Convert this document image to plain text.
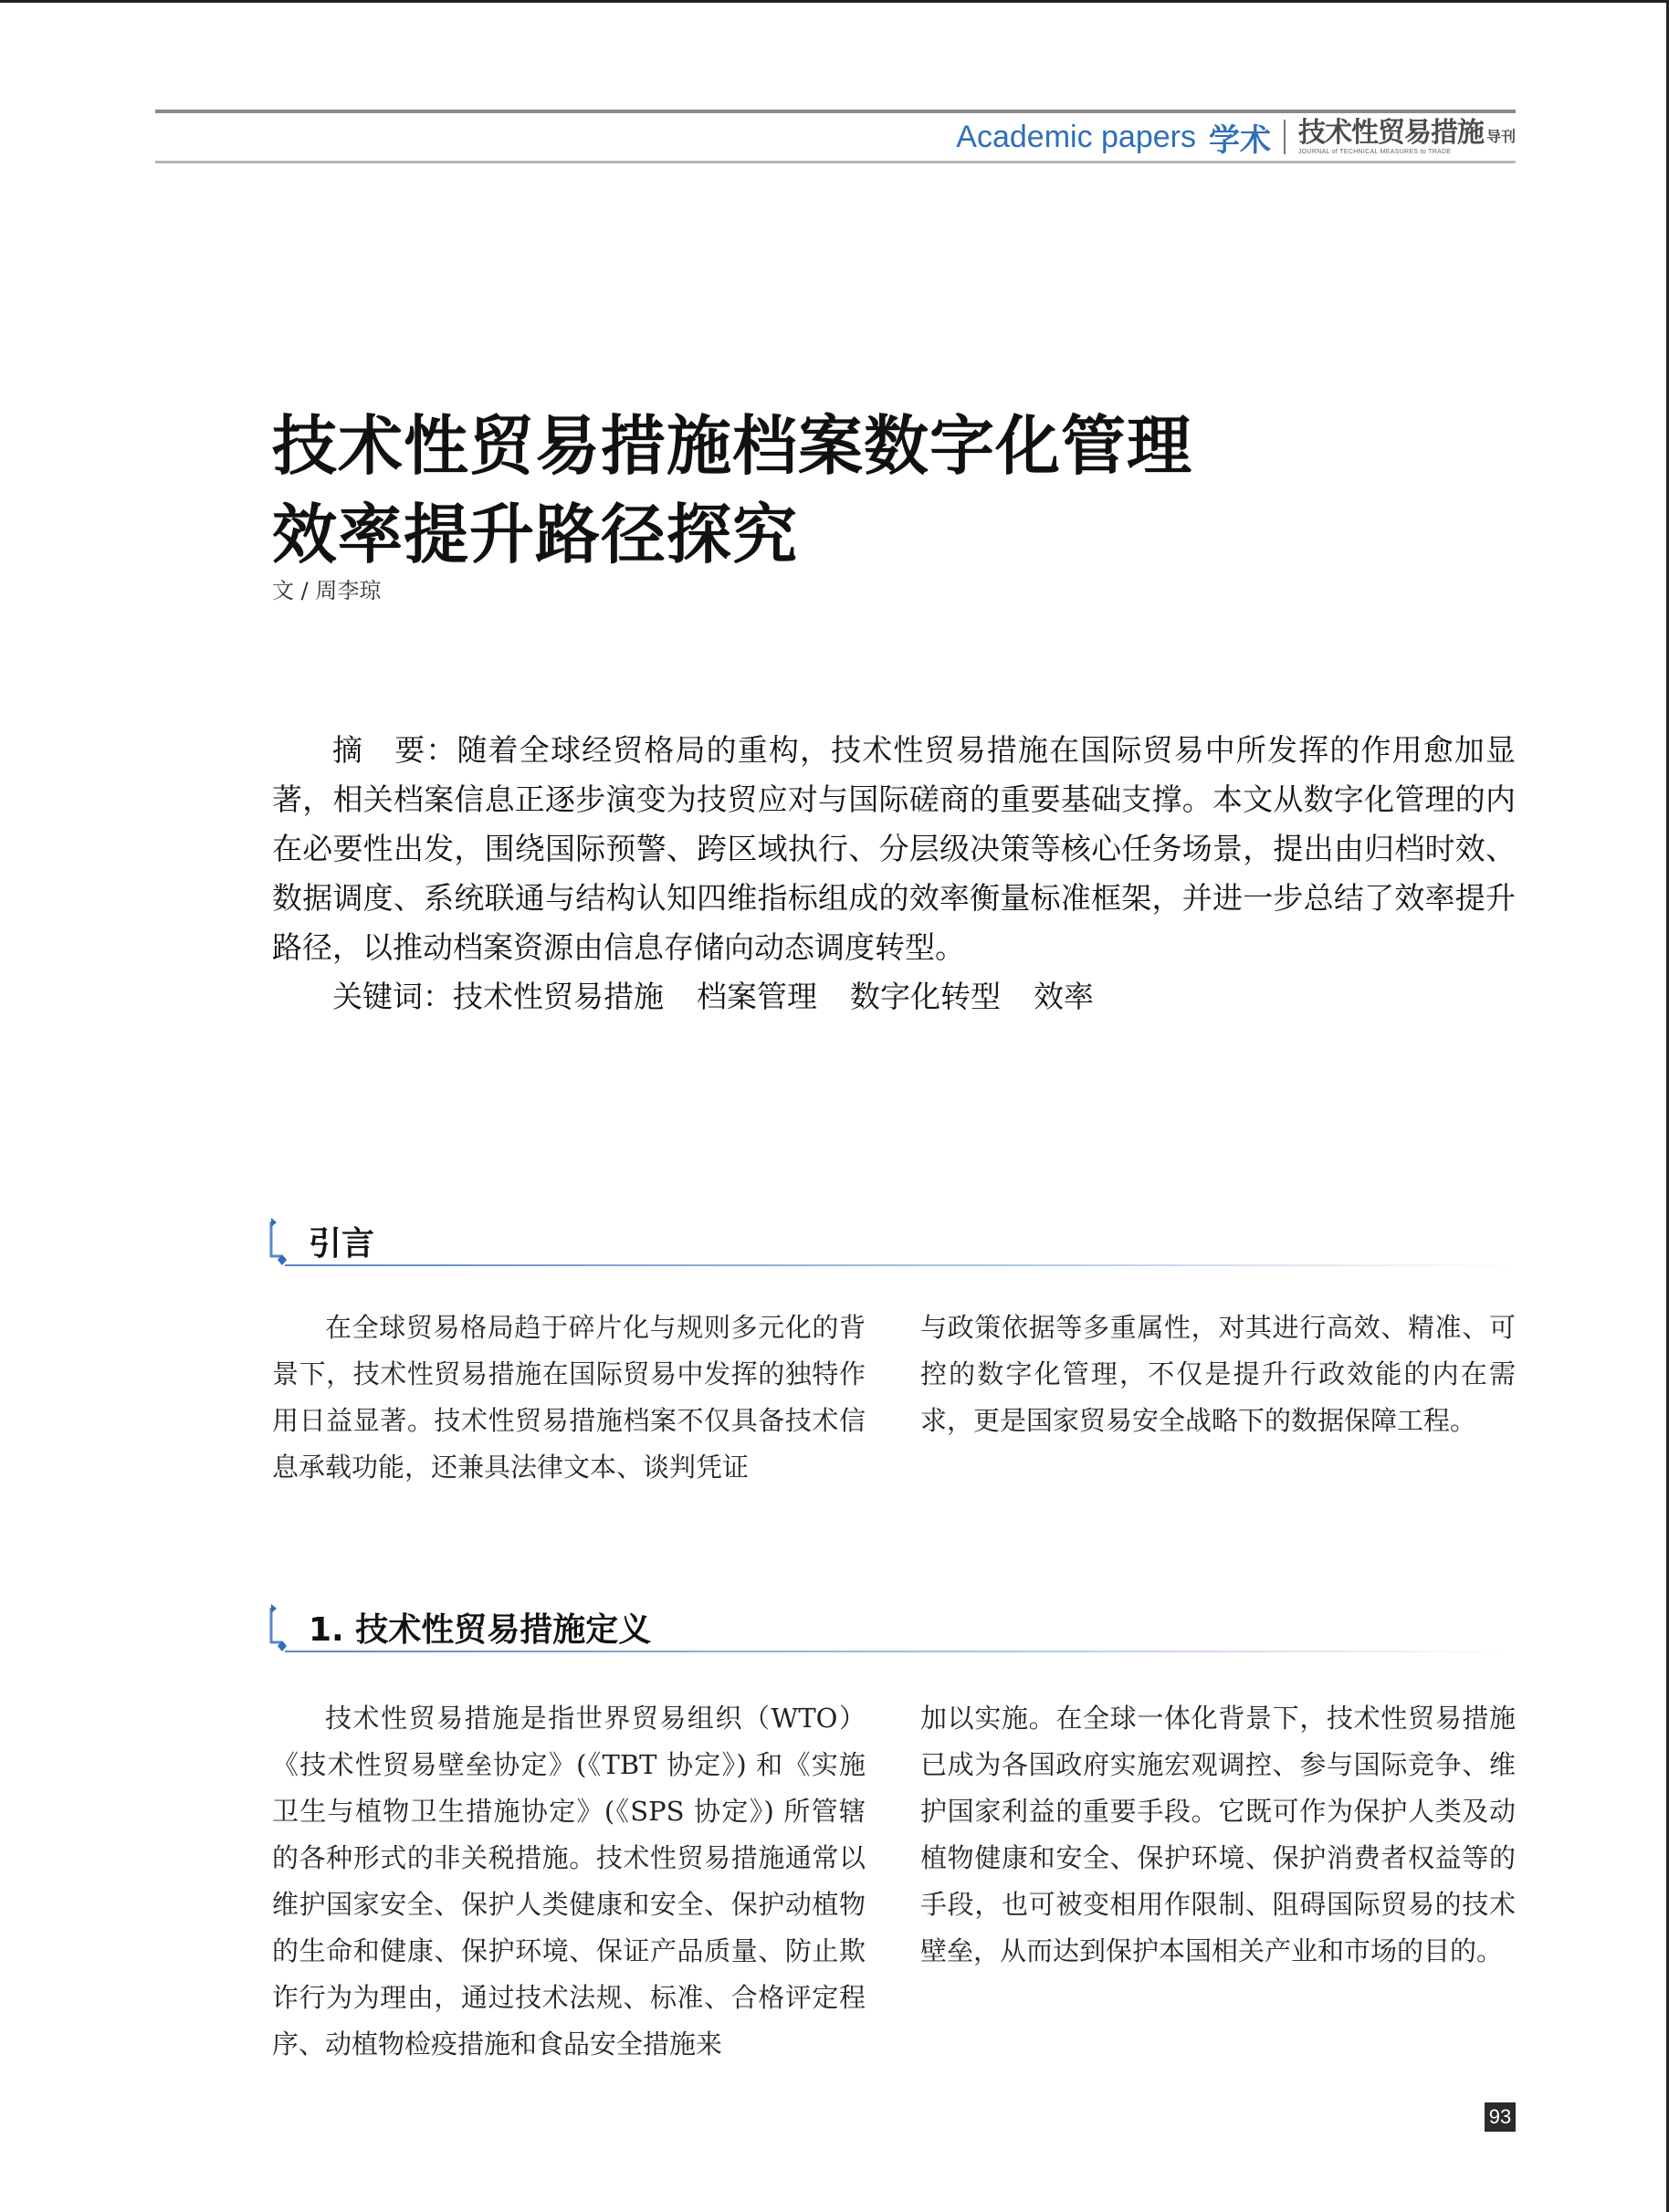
Academic papers 学术 技术性贸易措施 导刊
JOURNAL of TECHNICAL MEASURES to TRADE
技术性贸易措施档案数字化管理
效率提升路径探究
文 / 周李琼

摘　要：随着全球经贸格局的重构，技术性贸易措施在国际贸易中所发挥的作用愈加显著，相关档案信息正逐步演变为技贸应对与国际磋商的重要基础支撑。本文从数字化管理的内在必要性出发，围绕国际预警、跨区域执行、分层级决策等核心任务场景，提出由归档时效、数据调度、系统联通与结构认知四维指标组成的效率衡量标准框架，并进一步总结了效率提升路径，以推动档案资源由信息存储向动态调度转型。

关键词：技术性贸易措施 档案管理 数字化转型 效率

引言

在全球贸易格局趋于碎片化与规则多元化的背景下，技术性贸易措施在国际贸易中发挥的独特作用日益显著。技术性贸易措施档案不仅具备技术信息承载功能，还兼具法律文本、谈判凭证

与政策依据等多重属性，对其进行高效、精准、可控的数字化管理，不仅是提升行政效能的内在需求，更是国家贸易安全战略下的数据保障工程。

1. 技术性贸易措施定义

技术性贸易措施是指世界贸易组织（WTO）《技术性贸易壁垒协定》(《TBT 协定》) 和《实施卫生与植物卫生措施协定》(《SPS 协定》) 所管辖的各种形式的非关税措施。技术性贸易措施通常以维护国家安全、保护人类健康和安全、保护动植物的生命和健康、保护环境、保证产品质量、防止欺诈行为为理由，通过技术法规、标准、合格评定程序、动植物检疫措施和食品安全措施来

加以实施。在全球一体化背景下，技术性贸易措施已成为各国政府实施宏观调控、参与国际竞争、维护国家利益的重要手段。它既可作为保护人类及动植物健康和安全、保护环境、保护消费者权益等的手段，也可被变相用作限制、阻碍国际贸易的技术壁垒，从而达到保护本国相关产业和市场的目的。

93
